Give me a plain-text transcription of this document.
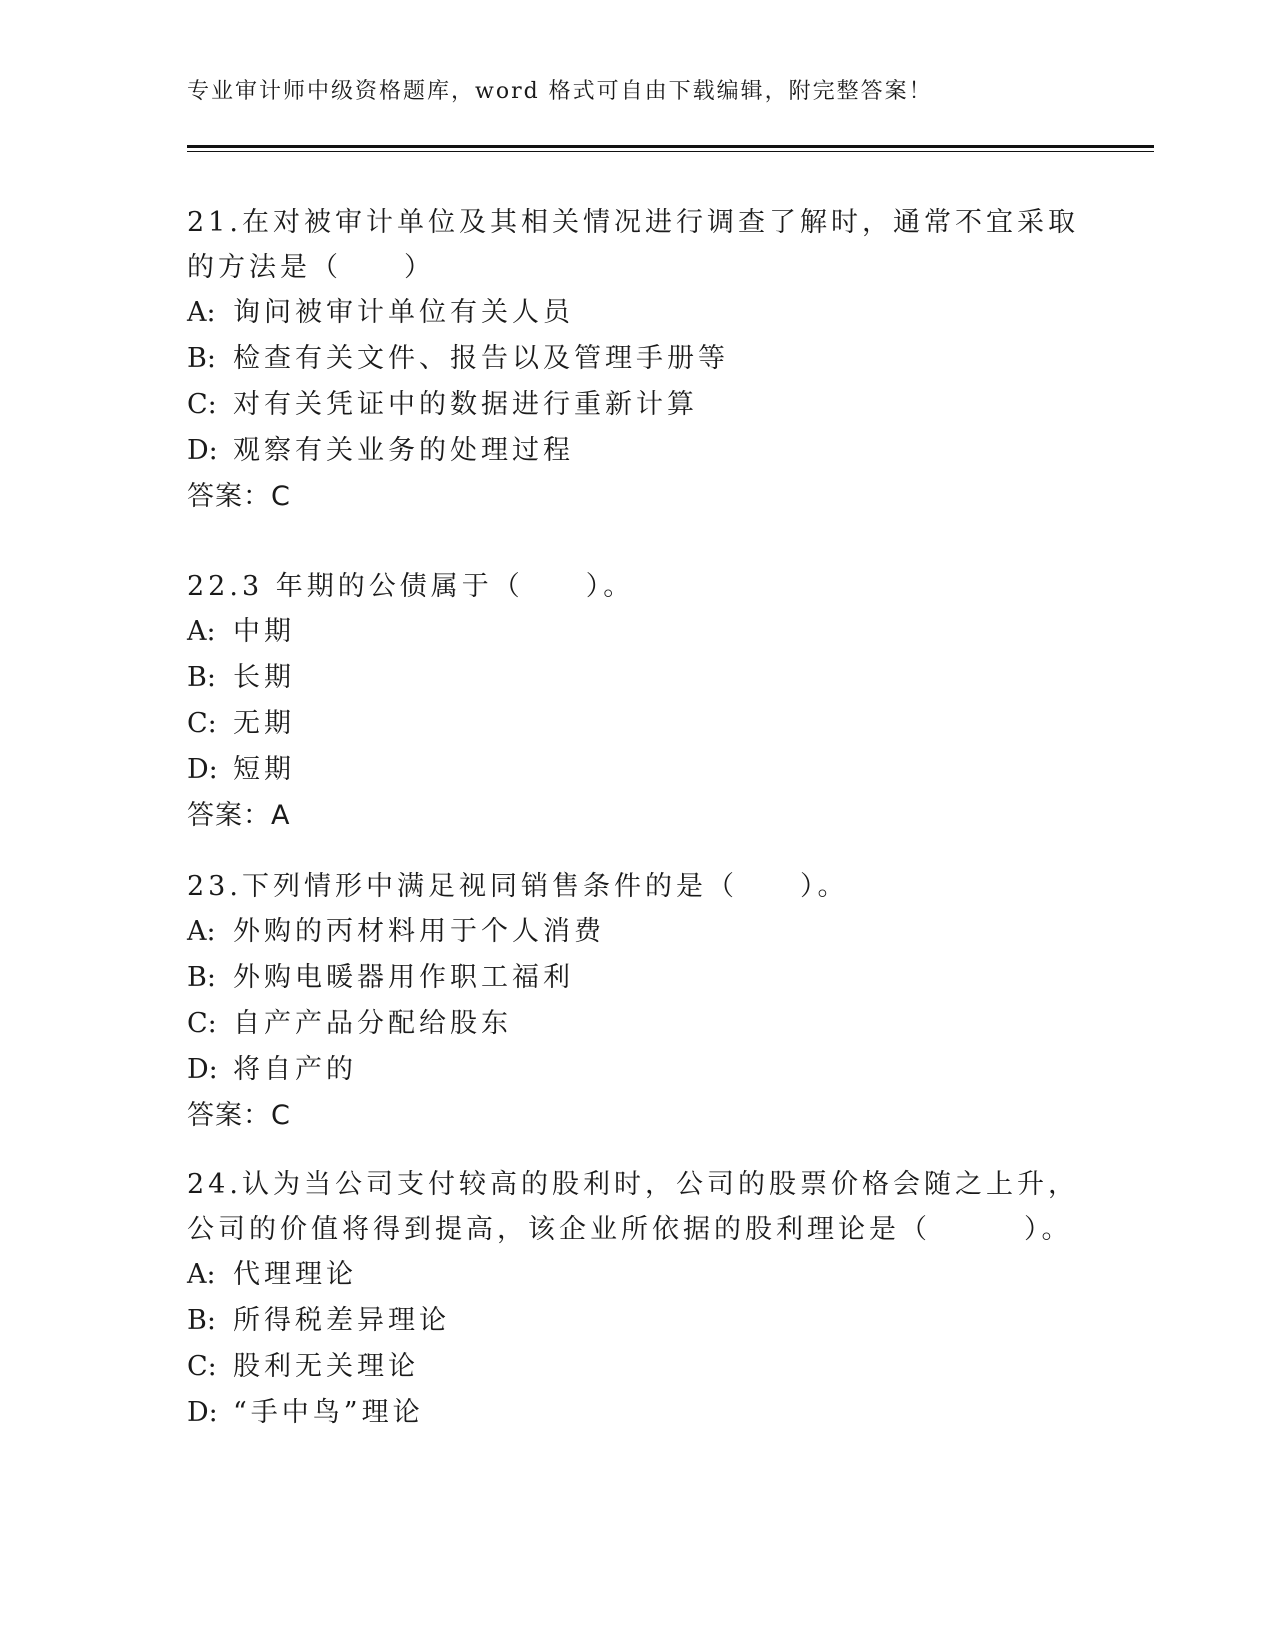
专业审计师中级资格题库，word 格式可自由下载编辑，附完整答案！

21.在对被审计单位及其相关情况进行调查了解时，通常不宜采取的方法是（　　）

A: 询问被审计单位有关人员
B: 检查有关文件、报告以及管理手册等
C: 对有关凭证中的数据进行重新计算
D: 观察有关业务的处理过程
答案：C

22.3 年期的公债属于（　　）。

A: 中期
B: 长期
C: 无期
D: 短期
答案：A

23.下列情形中满足视同销售条件的是（　　）。

A: 外购的丙材料用于个人消费
B: 外购电暖器用作职工福利
C: 自产产品分配给股东
D: 将自产的
答案：C

24.认为当公司支付较高的股利时，公司的股票价格会随之上升，公司的价值将得到提高，该企业所依据的股利理论是（　　　）。

A: 代理理论
B: 所得税差异理论
C: 股利无关理论
D: “手中鸟”理论
